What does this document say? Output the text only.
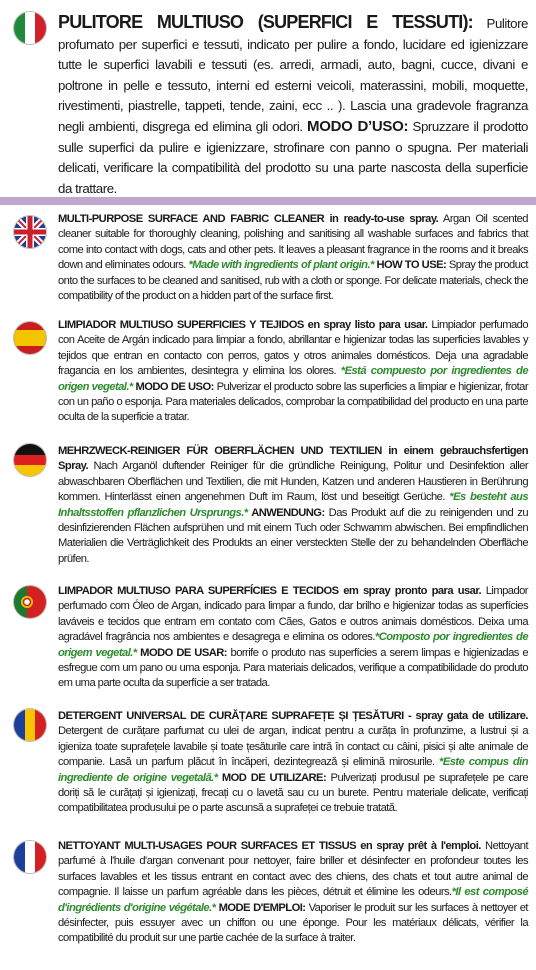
PULITORE MULTIUSO (SUPERFICI E TESSUTI): Pulitore profumato per superfici e tessuti, indicato per pulire a fondo, lucidare ed igienizzare tutte le superfici lavabili e tessuti (es. arredi, armadi, auto, bagni, cucce, divani e poltrone in pelle e tessuto, interni ed esterni veicoli, materassini, mobili, moquette, rivestimenti, piastrelle, tappeti, tende, zaini, ecc .. ). Lascia una gradevole fragranza negli ambienti, disgrega ed elimina gli odori. MODO D’USO: Spruzzare il prodotto sulle superfici da pulire e igienizzare, strofinare con panno o spugna. Per materiali delicati, verificare la compatibilità del prodotto su una parte nascosta della superficie da trattare.
MULTI-PURPOSE SURFACE AND FABRIC CLEANER in ready-to-use spray. Argan Oil scented cleaner suitable for thoroughly cleaning, polishing and sanitising all washable surfaces and fabrics that come into contact with dogs, cats and other pets. It leaves a pleasant fragrance in the rooms and it breaks down and eliminates odours. *Made with ingredients of plant origin.* HOW TO USE: Spray the product onto the surfaces to be cleaned and sanitised, rub with a cloth or sponge. For delicate materials, check the compatibility of the product on a hidden part of the surface first.
LIMPIADOR MULTIUSO SUPERFICIES Y TEJIDOS en spray listo para usar. Limpiador perfumado con Aceite de Argán indicado para limpiar a fondo, abrillantar e higienizar todas las superficies lavables y tejidos que entran en contacto con perros, gatos y otros animales domésticos. Deja una agradable fragancia en los ambientes, desintegra y elimina los olores. *Está compuesto por ingredientes de origen vegetal.* MODO DE USO: Pulverizar el producto sobre las superficies a limpiar e higienizar, frotar con un paño o esponja. Para materiales delicados, comprobar la compatibilidad del producto en una parte oculta de la superficie a tratar.
MEHRZWECK-REINIGER FÜR OBERFLÄCHEN UND TEXTILIEN in einem gebrauchsfertigen Spray. Nach Arganöl duftender Reiniger für die gründliche Reinigung, Politur und Desinfektion aller abwaschbaren Oberflächen und Textilien, die mit Hunden, Katzen und anderen Haustieren in Berührung kommen. Hinterlässt einen angenehmen Duft im Raum, löst und beseitigt Gerüche. *Es besteht aus Inhaltsstoffen pflanzlichen Ursprungs.* ANWENDUNG: Das Produkt auf die zu reinigenden und zu desinfizierenden Flächen aufsprühen und mit einem Tuch oder Schwamm abwischen. Bei empfindlichen Materialien die Verträglichkeit des Produkts an einer versteckten Stelle der zu behandelnden Oberfläche prüfen.
LIMPADOR MULTIUSO PARA SUPERFÍCIES E TECIDOS em spray pronto para usar. Limpador perfumado com Óleo de Argan, indicado para limpar a fundo, dar brilho e higienizar todas as superfícies laváveis e tecidos que entram em contato com Cães, Gatos e outros animais domésticos. Deixa uma agradável fragrância nos ambientes e desagrega e elimina os odores.*Composto por ingredientes de origem vegetal.* MODO DE USAR: borrife o produto nas superfícies a serem limpas e higienizadas e esfregue com um pano ou uma esponja. Para materiais delicados, verifique a compatibilidade do produto em uma parte oculta da superfície a ser tratada.
DETERGENT UNIVERSAL DE CURĂȚARE SUPRAFEȚE ȘI ȚESĂTURI - spray gata de utilizare. Detergent de curățare parfumat cu ulei de argan, indicat pentru a curăța în profunzime, a lustrui și a igieniza toate suprafețele lavabile și toate țesăturile care intră în contact cu câini, pisici și alte animale de companie. Lasă un parfum plăcut în încăperi, dezintegrează și elimină mirosurile. *Este compus din ingrediente de origine vegetală.* MOD DE UTILIZARE: Pulverizați produsul pe suprafețele pe care doriți să le curățați și igienizați, frecați cu o lavetă sau cu un burete. Pentru materiale delicate, verificați compatibilitatea produsului pe o parte ascunsă a suprafeței ce trebuie tratată.
NETTOYANT MULTI-USAGES POUR SURFACES ET TISSUS en spray prêt à l'emploi. Nettoyant parfumé à l'huile d'argan convenant pour nettoyer, faire briller et désinfecter en profondeur toutes les surfaces lavables et les tissus entrant en contact avec des chiens, des chats et tout autre animal de compagnie. Il laisse un parfum agréable dans les pièces, détruit et élimine les odeurs.*Il est composé d'ingrédients d'origine végétale.* MODE D'EMPLOI: Vaporiser le produit sur les surfaces à nettoyer et désinfecter, puis essuyer avec un chiffon ou une éponge. Pour les matériaux délicats, vérifier la compatibilité du produit sur une partie cachée de la surface à traiter.
